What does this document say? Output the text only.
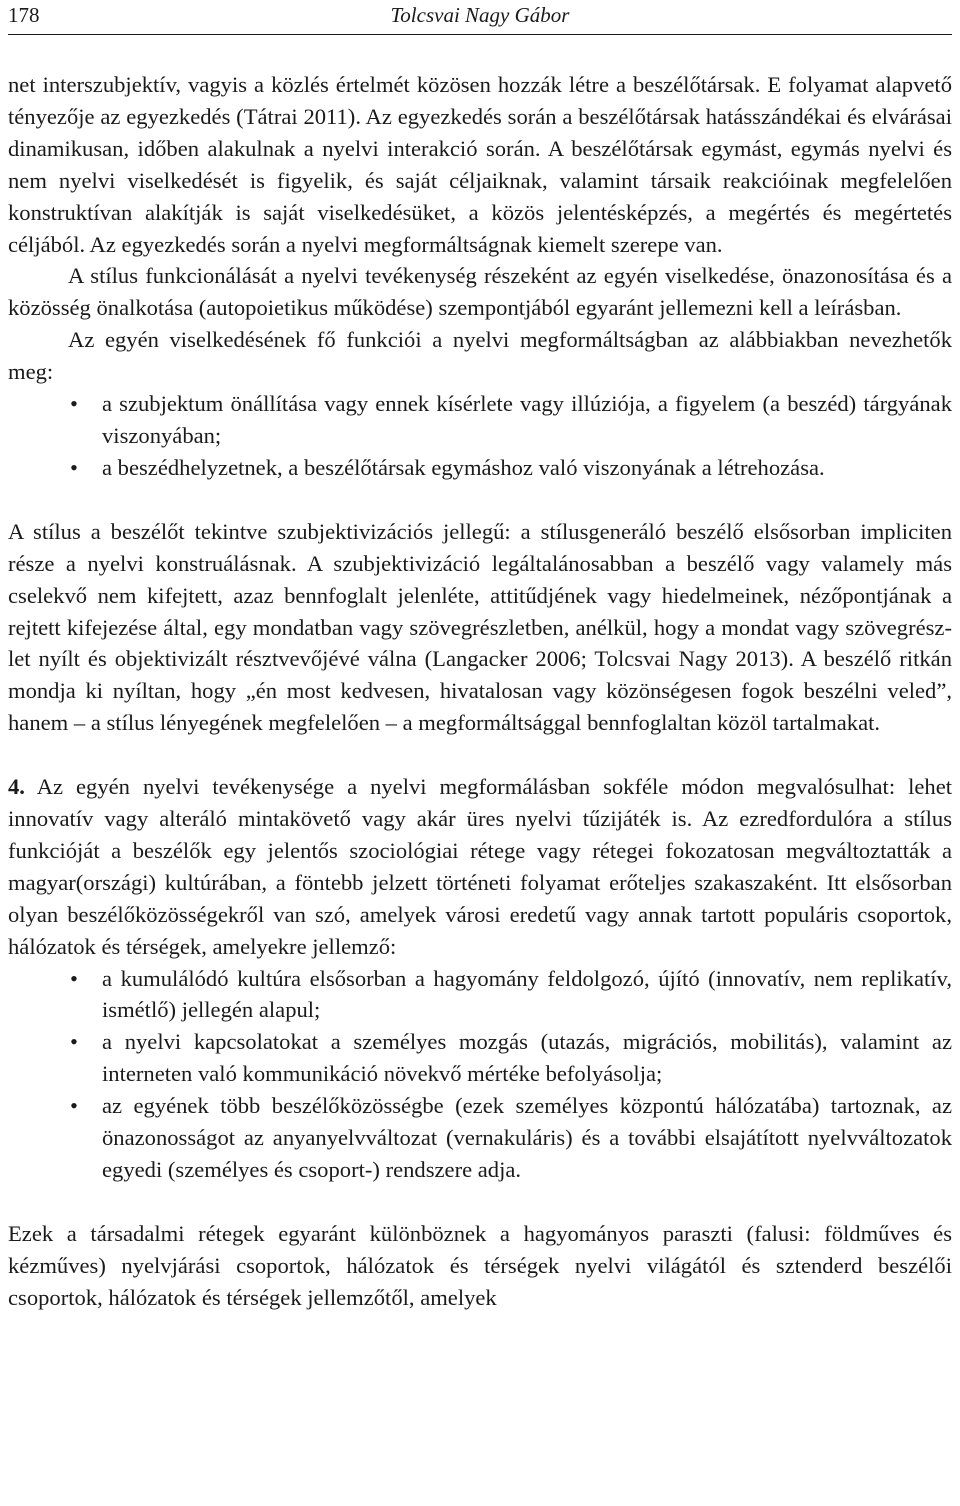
178	Tolcsvai Nagy Gábor

net interszubjektív, vagyis a közlés értelmét közösen hozzák létre a beszélőtársak. E folyamat alapvető tényezője az egyezkedés (Tátrai 2011). Az egyezkedés során a beszélőtársak hatásszándékai és elvárásai dinamikusan, időben alakulnak a nyelvi interakció során. A beszélőtársak egymást, egymás nyelvi és nem nyelvi viselkedését is figyelik, és saját céljaiknak, valamint társaik reakcióinak megfelelően konstruktívan alakítják is saját viselkedésüket, a közös jelentésképzés, a megértés és megértetés céljából. Az egyezkedés során a nyelvi megformáltságnak kiemelt szerepe van.

A stílus funkcionálását a nyelvi tevékenység részeként az egyén viselkedése, önazonosítása és a közösség önalkotása (autopoietikus működése) szempontjából egyaránt jellemezni kell a leírásban.

Az egyén viselkedésének fő funkciói a nyelvi megformáltságban az alábbiakban nevezhetők meg:

• a szubjektum önállítása vagy ennek kísérlete vagy illúziója, a figyelem (a beszéd) tárgyának viszonyában;
• a beszédhelyzetnek, a beszélőtársak egymáshoz való viszonyának a létrehozása.

A stílus a beszélőt tekintve szubjektivizációs jellegű: a stílusgeneráló beszélő elsősorban impliciten része a nyelvi konstruálásnak. A szubjektivizáció legáltalánosabban a beszélő vagy valamely más cselekvő nem kifejtett, azaz bennfoglalt jelenléte, attitűdjének vagy hiedelmeinek, nézőpontjának a rejtett kifejezése által, egy mondatban vagy szövegrészletben, anélkül, hogy a mondat vagy szövegrészlet nyílt és objektivizált résztvevőjévé válna (Langacker 2006; Tolcsvai Nagy 2013). A beszélő ritkán mondja ki nyíltan, hogy „én most kedvesen, hivatalosan vagy közönségesen fogok beszélni veled”, hanem – a stílus lényegének megfelelően – a megformáltsággal bennfoglaltan közöl tartalmakat.

4. Az egyén nyelvi tevékenysége a nyelvi megformálásban sokféle módon megvalósulhat: lehet innovatív vagy alteráló mintakövető vagy akár üres nyelvi tűzijáték is. Az ezredfordulóra a stílus funkcióját a beszélők egy jelentős szociológiai rétege vagy rétegei fokozatosan megváltoztatták a magyar(országi) kultúrában, a föntebb jelzett történeti folyamat erőteljes szakaszaként. Itt elsősorban olyan beszélőközösségekről van szó, amelyek városi eredetű vagy annak tartott populáris csoportok, hálózatok és térségek, amelyekre jellemző:

• a kumulálódó kultúra elsősorban a hagyomány feldolgozó, újító (innovatív, nem replikatív, ismétlő) jellegén alapul;
• a nyelvi kapcsolatokat a személyes mozgás (utazás, migrációs, mobilitás), valamint az interneten való kommunikáció növekvő mértéke befolyásolja;
• az egyének több beszélőközösségbe (ezek személyes központú hálózatába) tartoznak, az önazonosságot az anyanyelvváltozat (vernakuláris) és a további elsajátított nyelvváltozatok egyedi (személyes és csoport-) rendszere adja.

Ezek a társadalmi rétegek egyaránt különböznek a hagyományos paraszti (falusi: földműves és kézműves) nyelvjárási csoportok, hálózatok és térségek nyelvi világától és sztenderd beszélői csoportok, hálózatok és térségek jellemzőtől, amelyek
